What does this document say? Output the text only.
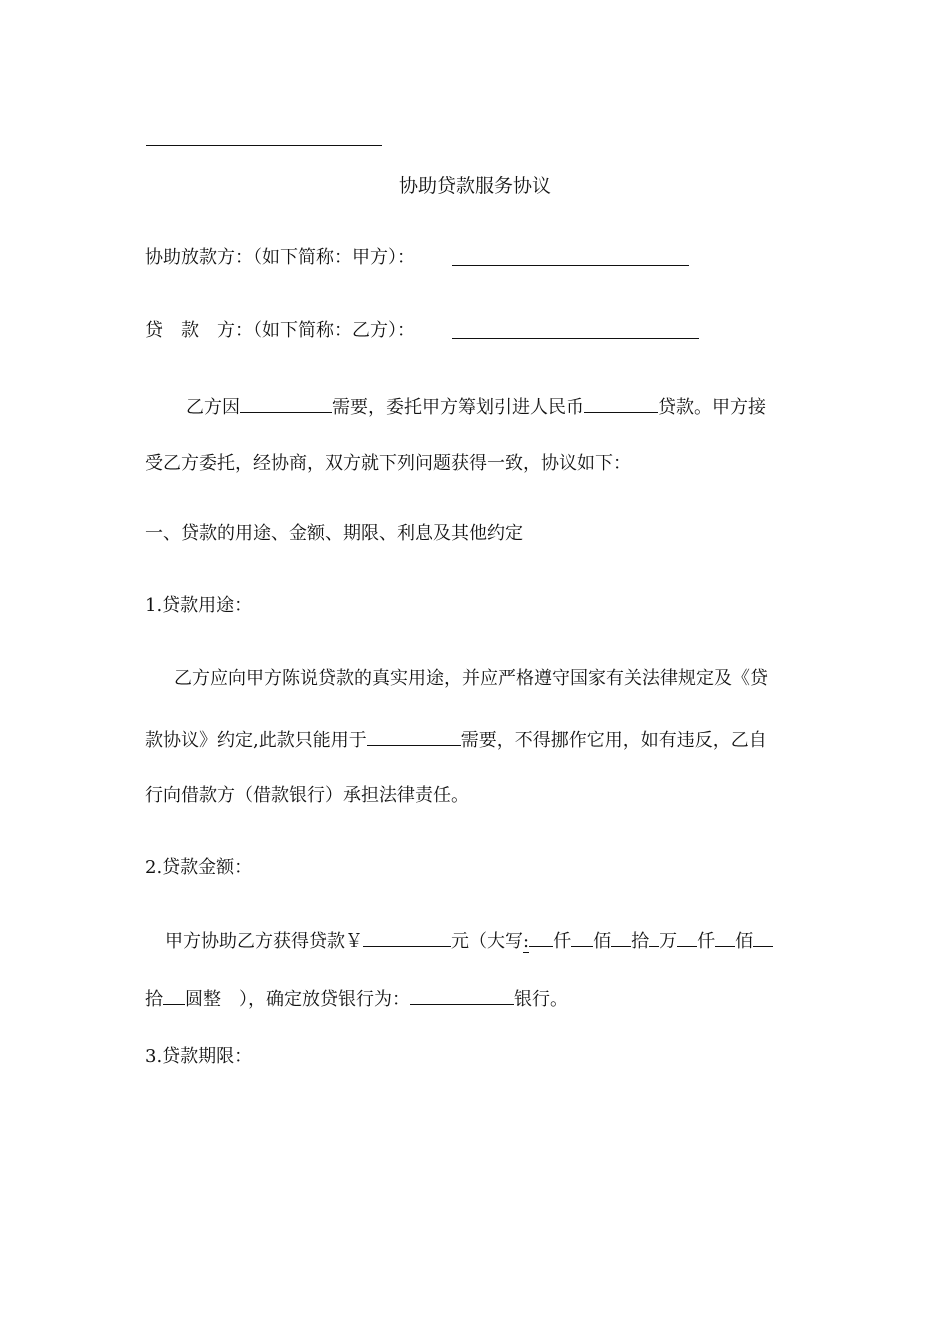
协助贷款服务协议
协助放款方：（如下简称：甲方）：
贷　款　方：（如下简称：乙方）：
乙方因	需要，委托甲方筹划引进人民币	贷款。甲方接
受乙方委托，经协商，双方就下列问题获得一致，协议如下：
一、贷款的用途、金额、期限、利息及其他约定
1.贷款用途：
乙方应向甲方陈说贷款的真实用途，并应严格遵守国家有关法律规定及《贷
款协议》约定,此款只能用于	需要，不得挪作它用，如有违反，乙自
行向借款方（借款银行）承担法律责任。
2.贷款金额：
甲方协助乙方获得贷款￥	元（大写: 仟 佰 拾 万 仟 佰
拾 圆整　），确定放贷银行为：	银行。
3.贷款期限：
